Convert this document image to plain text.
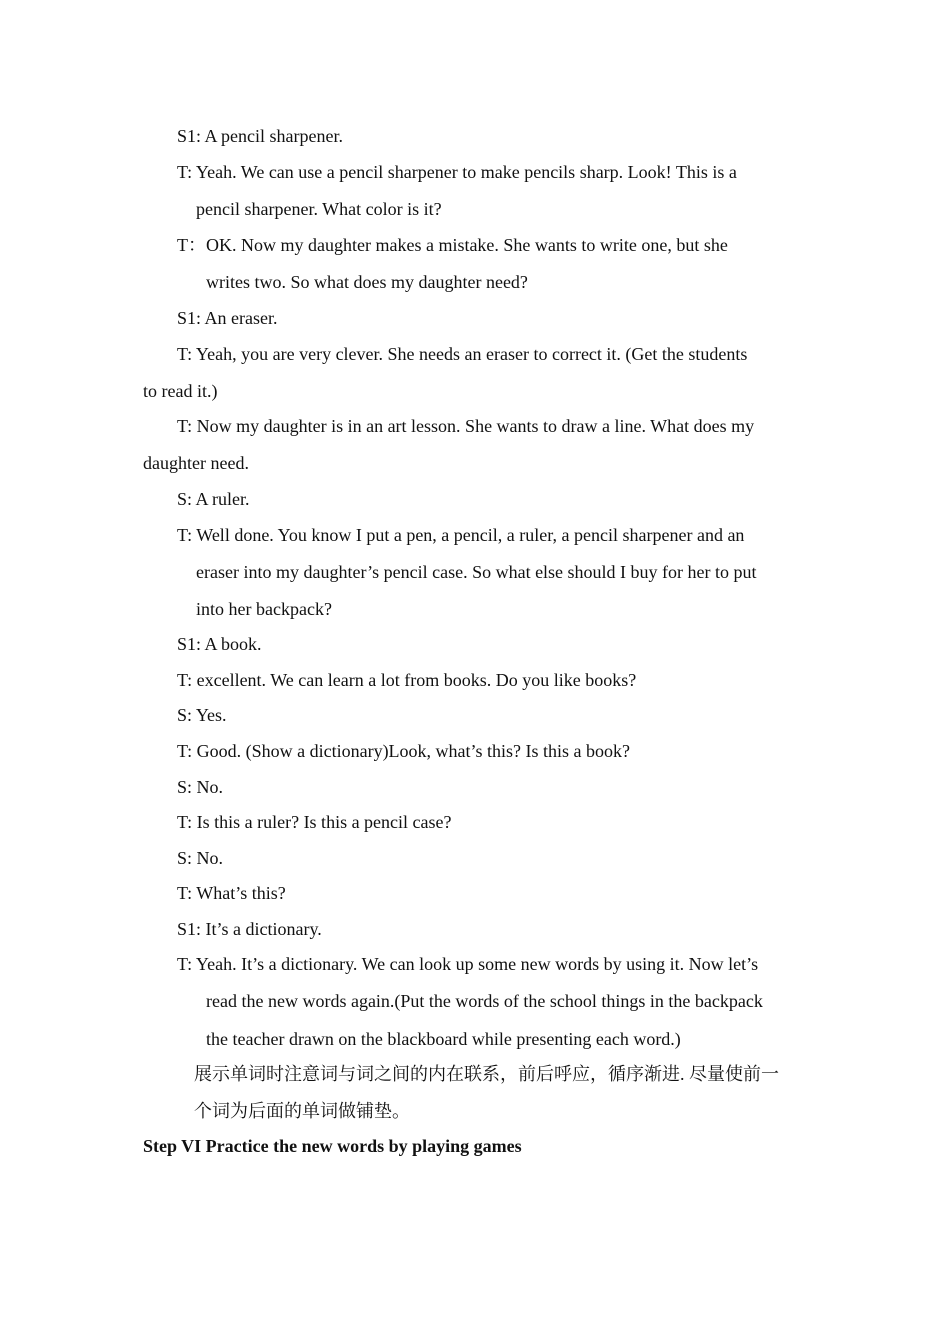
S1: A pencil sharpener.

T: Yeah. We can use a pencil sharpener to make pencils sharp. Look! This is a

pencil sharpener. What color is it?

T：OK. Now my daughter makes a mistake. She wants to write one, but she

writes two. So what does my daughter need?

S1: An eraser.

T: Yeah, you are very clever. She needs an eraser to correct it. (Get the students

to read it.)

T: Now my daughter is in an art lesson. She wants to draw a line. What does my

daughter need.

S: A ruler.

T: Well done. You know I put a pen, a pencil, a ruler, a pencil sharpener and an

eraser into my daughter’s pencil case. So what else should I buy for her to put

into her backpack?

S1: A book.

T: excellent. We can learn a lot from books. Do you like books?

S: Yes.

T: Good. (Show a dictionary)Look, what’s this? Is this a book?

S: No.

T: Is this a ruler? Is this a pencil case?

S: No.

T: What’s this?

S1: It’s a dictionary.

T: Yeah. It’s a dictionary. We can look up some new words by using it. Now let’s

read the new words again.(Put the words of the school things in the backpack

the teacher drawn on the blackboard while presenting each word.)

展示单词时注意词与词之间的内在联系，前后呼应，循序渐进. 尽量使前一

个词为后面的单词做铺垫。

Step VI Practice the new words by playing games
